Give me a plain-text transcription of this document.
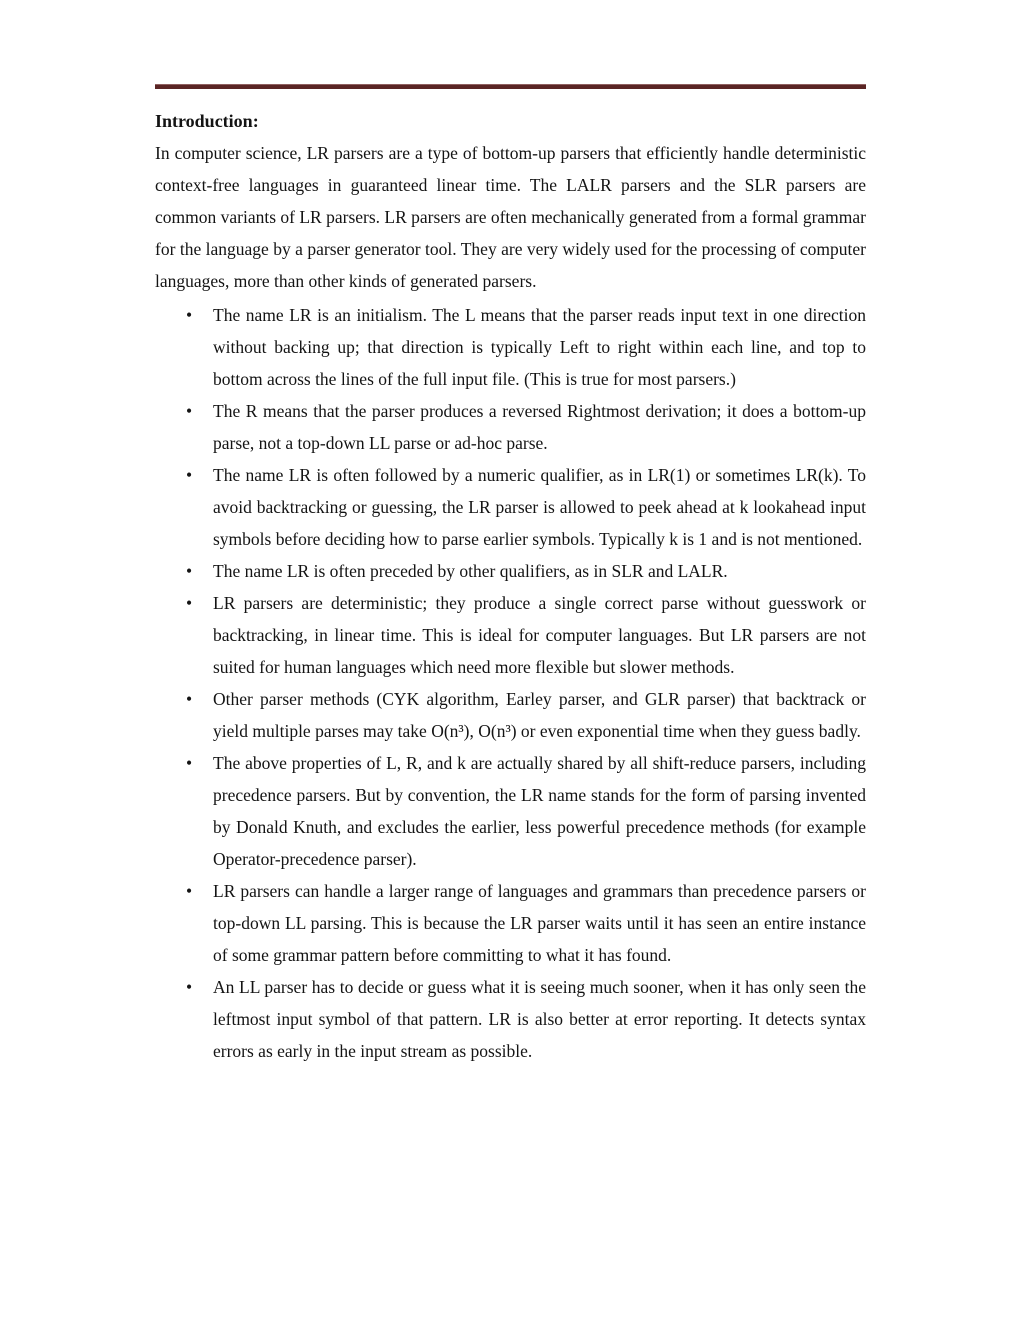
Introduction:

In computer science, LR parsers are a type of bottom-up parsers that efficiently handle deterministic context-free languages in guaranteed linear time. The LALR parsers and the SLR parsers are common variants of LR parsers. LR parsers are often mechanically generated from a formal grammar for the language by a parser generator tool. They are very widely used for the processing of computer languages, more than other kinds of generated parsers.

• The name LR is an initialism. The L means that the parser reads input text in one direction without backing up; that direction is typically Left to right within each line, and top to bottom across the lines of the full input file. (This is true for most parsers.)
• The R means that the parser produces a reversed Rightmost derivation; it does a bottom-up parse, not a top-down LL parse or ad-hoc parse.
• The name LR is often followed by a numeric qualifier, as in LR(1) or sometimes LR(k). To avoid backtracking or guessing, the LR parser is allowed to peek ahead at k lookahead input symbols before deciding how to parse earlier symbols. Typically k is 1 and is not mentioned.
• The name LR is often preceded by other qualifiers, as in SLR and LALR.
• LR parsers are deterministic; they produce a single correct parse without guesswork or backtracking, in linear time. This is ideal for computer languages. But LR parsers are not suited for human languages which need more flexible but slower methods.
• Other parser methods (CYK algorithm, Earley parser, and GLR parser) that backtrack or yield multiple parses may take O(n³), O(n³) or even exponential time when they guess badly.
• The above properties of L, R, and k are actually shared by all shift-reduce parsers, including precedence parsers. But by convention, the LR name stands for the form of parsing invented by Donald Knuth, and excludes the earlier, less powerful precedence methods (for example Operator-precedence parser).
• LR parsers can handle a larger range of languages and grammars than precedence parsers or top-down LL parsing. This is because the LR parser waits until it has seen an entire instance of some grammar pattern before committing to what it has found.
• An LL parser has to decide or guess what it is seeing much sooner, when it has only seen the leftmost input symbol of that pattern. LR is also better at error reporting. It detects syntax errors as early in the input stream as possible.
